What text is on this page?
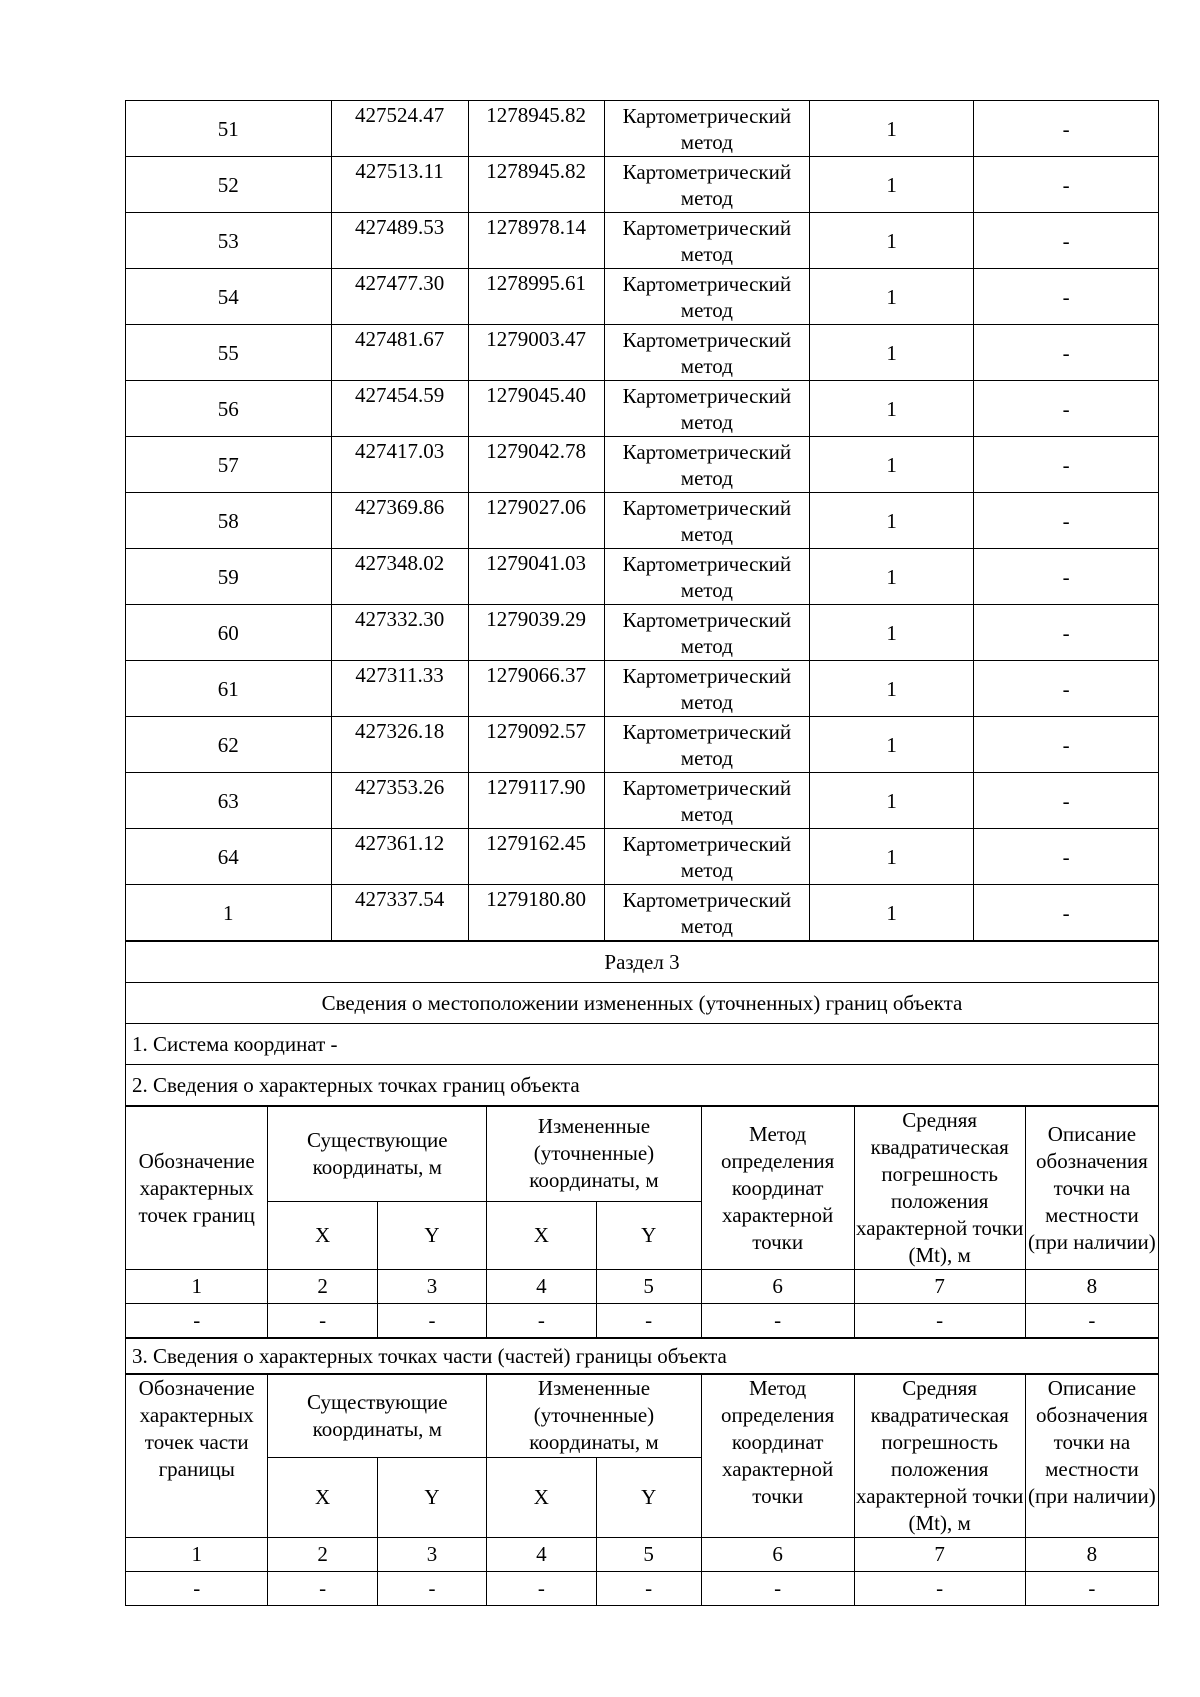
51	427524.47	1278945.82	Картометрический метод	1	-
52	427513.11	1278945.82	Картометрический метод	1	-
53	427489.53	1278978.14	Картометрический метод	1	-
54	427477.30	1278995.61	Картометрический метод	1	-
55	427481.67	1279003.47	Картометрический метод	1	-
56	427454.59	1279045.40	Картометрический метод	1	-
57	427417.03	1279042.78	Картометрический метод	1	-
58	427369.86	1279027.06	Картометрический метод	1	-
59	427348.02	1279041.03	Картометрический метод	1	-
60	427332.30	1279039.29	Картометрический метод	1	-
61	427311.33	1279066.37	Картометрический метод	1	-
62	427326.18	1279092.57	Картометрический метод	1	-
63	427353.26	1279117.90	Картометрический метод	1	-
64	427361.12	1279162.45	Картометрический метод	1	-
1	427337.54	1279180.80	Картометрический метод	1	-
Раздел 3
Сведения о местоположении измененных (уточненных) границ объекта
1. Система координат -
2. Сведения о характерных точках границ объекта
Обозначение характерных точек границ	Существующие координаты, м		Измененные (уточненные) координаты, м		Метод определения координат характерной точки	Средняя квадратическая погрешность положения характерной точки (Mt), м	Описание обозначения точки на местности (при наличии)
	X	Y	X	Y			
1	2	3	4	5	6	7	8
-	-	-	-	-	-	-	-
3. Сведения о характерных точках части (частей) границы объекта
Обозначение характерных точек части границы	Существующие координаты, м		Измененные (уточненные) координаты, м		Метод определения координат характерной точки	Средняя квадратическая погрешность положения характерной точки (Mt), м	Описание обозначения точки на местности (при наличии)
	X	Y	X	Y			
1	2	3	4	5	6	7	8
-	-	-	-	-	-	-	-
